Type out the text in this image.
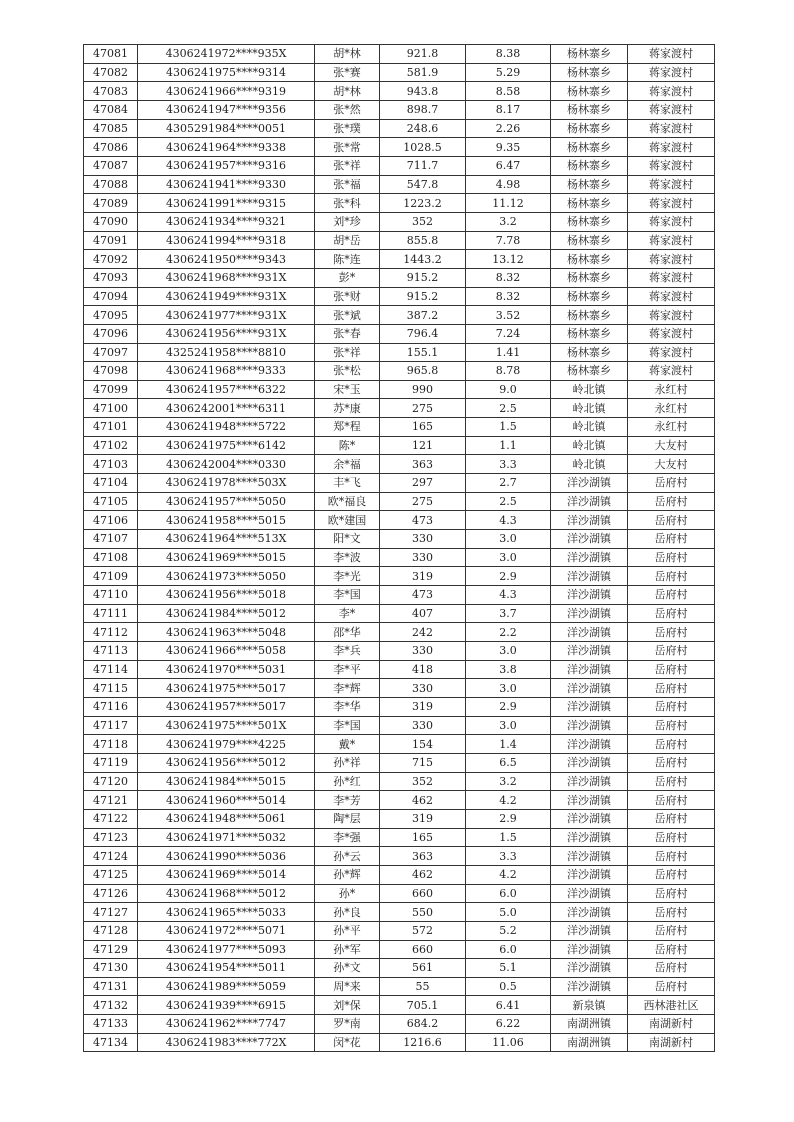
47081	4306241972****935X	胡*林	921.8	8.38	杨林寨乡	蒋家渡村
47082	4306241975****9314	张*赛	581.9	5.29	杨林寨乡	蒋家渡村
47083	4306241966****9319	胡*林	943.8	8.58	杨林寨乡	蒋家渡村
47084	4306241947****9356	张*然	898.7	8.17	杨林寨乡	蒋家渡村
47085	4305291984****0051	张*璞	248.6	2.26	杨林寨乡	蒋家渡村
47086	4306241964****9338	张*常	1028.5	9.35	杨林寨乡	蒋家渡村
47087	4306241957****9316	张*祥	711.7	6.47	杨林寨乡	蒋家渡村
47088	4306241941****9330	张*福	547.8	4.98	杨林寨乡	蒋家渡村
47089	4306241991****9315	张*科	1223.2	11.12	杨林寨乡	蒋家渡村
47090	4306241934****9321	刘*珍	352	3.2	杨林寨乡	蒋家渡村
47091	4306241994****9318	胡*岳	855.8	7.78	杨林寨乡	蒋家渡村
47092	4306241950****9343	陈*连	1443.2	13.12	杨林寨乡	蒋家渡村
47093	4306241968****931X	彭*	915.2	8.32	杨林寨乡	蒋家渡村
47094	4306241949****931X	张*财	915.2	8.32	杨林寨乡	蒋家渡村
47095	4306241977****931X	张*斌	387.2	3.52	杨林寨乡	蒋家渡村
47096	4306241956****931X	张*春	796.4	7.24	杨林寨乡	蒋家渡村
47097	4325241958****8810	张*祥	155.1	1.41	杨林寨乡	蒋家渡村
47098	4306241968****9333	张*松	965.8	8.78	杨林寨乡	蒋家渡村
47099	4306241957****6322	宋*玉	990	9.0	岭北镇	永红村
47100	4306242001****6311	苏*康	275	2.5	岭北镇	永红村
47101	4306241948****5722	郑*程	165	1.5	岭北镇	永红村
47102	4306241975****6142	陈*	121	1.1	岭北镇	大友村
47103	4306242004****0330	余*福	363	3.3	岭北镇	大友村
47104	4306241978****503X	丰*飞	297	2.7	洋沙湖镇	岳府村
47105	4306241957****5050	欧*福良	275	2.5	洋沙湖镇	岳府村
47106	4306241958****5015	欧*建国	473	4.3	洋沙湖镇	岳府村
47107	4306241964****513X	阳*文	330	3.0	洋沙湖镇	岳府村
47108	4306241969****5015	李*波	330	3.0	洋沙湖镇	岳府村
47109	4306241973****5050	李*光	319	2.9	洋沙湖镇	岳府村
47110	4306241956****5018	李*国	473	4.3	洋沙湖镇	岳府村
47111	4306241984****5012	李*	407	3.7	洋沙湖镇	岳府村
47112	4306241963****5048	邵*华	242	2.2	洋沙湖镇	岳府村
47113	4306241966****5058	李*兵	330	3.0	洋沙湖镇	岳府村
47114	4306241970****5031	李*平	418	3.8	洋沙湖镇	岳府村
47115	4306241975****5017	李*辉	330	3.0	洋沙湖镇	岳府村
47116	4306241957****5017	李*华	319	2.9	洋沙湖镇	岳府村
47117	4306241975****501X	李*国	330	3.0	洋沙湖镇	岳府村
47118	4306241979****4225	戴*	154	1.4	洋沙湖镇	岳府村
47119	4306241956****5012	孙*祥	715	6.5	洋沙湖镇	岳府村
47120	4306241984****5015	孙*红	352	3.2	洋沙湖镇	岳府村
47121	4306241960****5014	李*芳	462	4.2	洋沙湖镇	岳府村
47122	4306241948****5061	陶*层	319	2.9	洋沙湖镇	岳府村
47123	4306241971****5032	李*强	165	1.5	洋沙湖镇	岳府村
47124	4306241990****5036	孙*云	363	3.3	洋沙湖镇	岳府村
47125	4306241969****5014	孙*辉	462	4.2	洋沙湖镇	岳府村
47126	4306241968****5012	孙*	660	6.0	洋沙湖镇	岳府村
47127	4306241965****5033	孙*良	550	5.0	洋沙湖镇	岳府村
47128	4306241972****5071	孙*平	572	5.2	洋沙湖镇	岳府村
47129	4306241977****5093	孙*军	660	6.0	洋沙湖镇	岳府村
47130	4306241954****5011	孙*文	561	5.1	洋沙湖镇	岳府村
47131	4306241989****5059	周*来	55	0.5	洋沙湖镇	岳府村
47132	4306241939****6915	刘*保	705.1	6.41	新泉镇	西林港社区
47133	4306241962****7747	罗*南	684.2	6.22	南湖洲镇	南湖新村
47134	4306241983****772X	闵*花	1216.6	11.06	南湖洲镇	南湖新村
